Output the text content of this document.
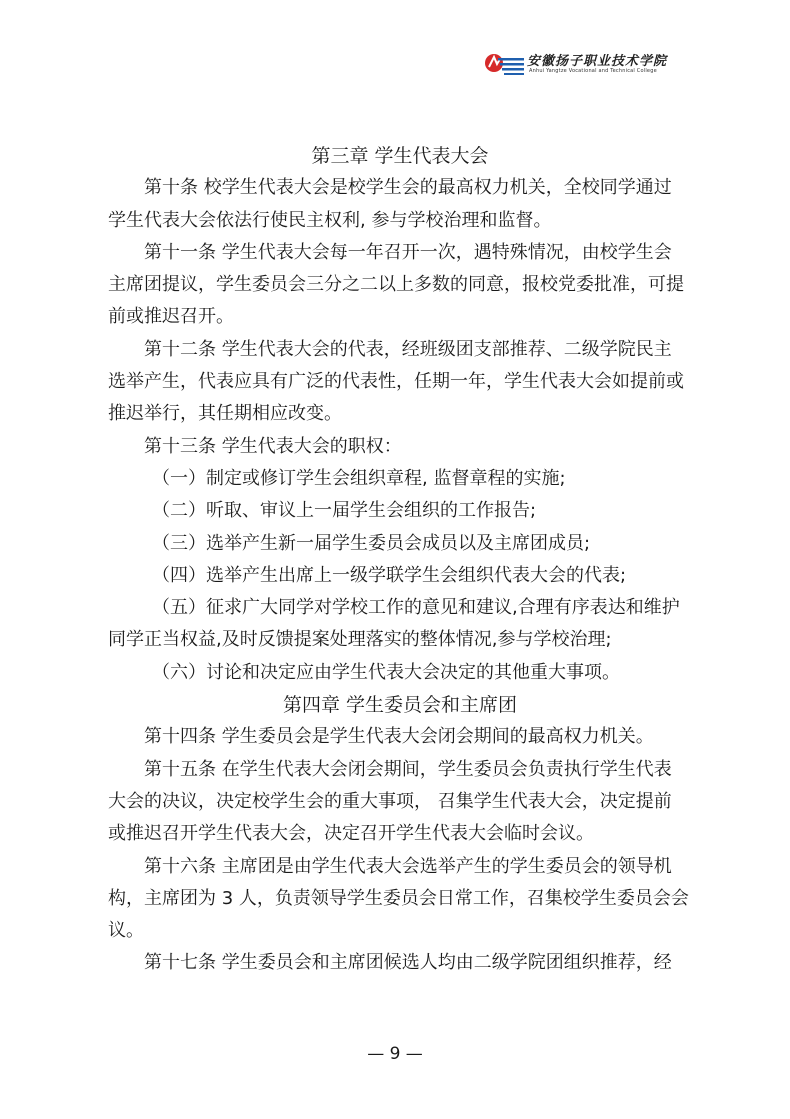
安徽扬子职业技术学院
Anhui Yangtze Vocational and Technical College
第三章 学生代表大会
第十条 校学生代表大会是校学生会的最高权力机关，全校同学通过
学生代表大会依法行使民主权利, 参与学校治理和监督。
第十一条 学生代表大会每一年召开一次，遇特殊情况，由校学生会
主席团提议，学生委员会三分之二以上多数的同意，报校党委批准，可提
前或推迟召开。
第十二条 学生代表大会的代表，经班级团支部推荐、二级学院民主
选举产生，代表应具有广泛的代表性，任期一年，学生代表大会如提前或
推迟举行，其任期相应改变。
第十三条 学生代表大会的职权：
（一）制定或修订学生会组织章程, 监督章程的实施;
（二）听取、审议上一届学生会组织的工作报告;
（三）选举产生新一届学生委员会成员以及主席团成员;
（四）选举产生出席上一级学联学生会组织代表大会的代表;
（五）征求广大同学对学校工作的意见和建议,合理有序表达和维护
同学正当权益,及时反馈提案处理落实的整体情况,参与学校治理;
（六）讨论和决定应由学生代表大会决定的其他重大事项。
第四章 学生委员会和主席团
第十四条 学生委员会是学生代表大会闭会期间的最高权力机关。
第十五条 在学生代表大会闭会期间，学生委员会负责执行学生代表
大会的决议，决定校学生会的重大事项， 召集学生代表大会，决定提前
或推迟召开学生代表大会，决定召开学生代表大会临时会议。
第十六条 主席团是由学生代表大会选举产生的学生委员会的领导机
构，主席团为 3 人，负责领导学生委员会日常工作，召集校学生委员会会
议。
第十七条 学生委员会和主席团候选人均由二级学院团组织推荐，经
— 9 —
